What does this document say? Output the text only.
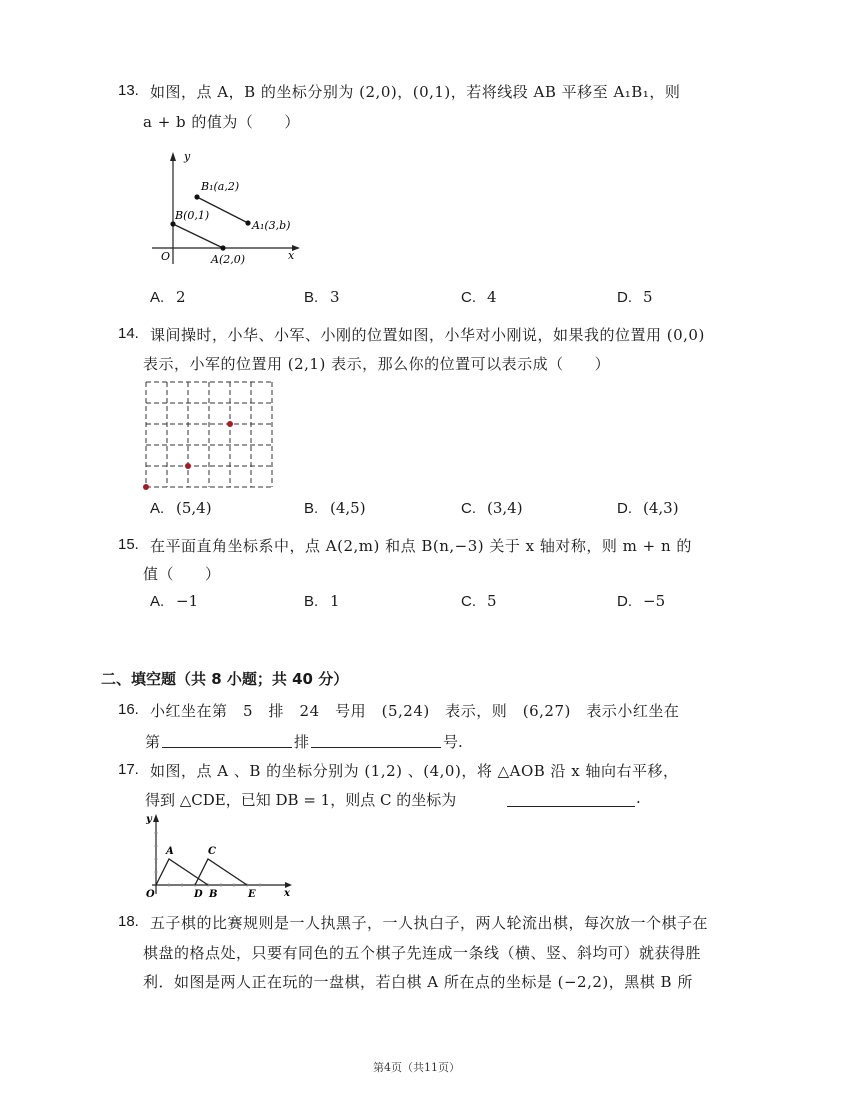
13. 如图，点 A，B 的坐标分别为 (2,0)，(0,1)，若将线段 AB 平移至 A₁B₁，则
a + b 的值为（　　）
y
x
O
B₁(a,2)
B(0,1)
A₁(3,b)
A(2,0)
A. 2	B. 3	C. 4	D. 5
14. 课间操时，小华、小军、小刚的位置如图，小华对小刚说，如果我的位置用 (0,0)
表示，小军的位置用 (2,1) 表示，那么你的位置可以表示成（　　）
A. (5,4)	B. (4,5)	C. (3,4)	D. (4,3)
15. 在平面直角坐标系中，点 A(2,m) 和点 B(n,−3) 关于 x 轴对称，则 m + n 的
值（　　）
A. −1	B. 1	C. 5	D. −5
二、填空题（共 8 小题；共 40 分）
16. 小红坐在第　5　排　24　号用　(5,24)　表示，则　(6,27)　表示小红坐在
第	排	号.
17. 如图，点 A 、B 的坐标分别为 (1,2) 、(4,0)，将 △AOB 沿 x 轴向右平移，
得到 △CDE，已知 DB = 1，则点 C 的坐标为	.
y
x
O
A	C
D B	E
18. 五子棋的比赛规则是一人执黑子，一人执白子，两人轮流出棋，每次放一个棋子在
棋盘的格点处，只要有同色的五个棋子先连成一条线（横、竖、斜均可）就获得胜
利．如图是两人正在玩的一盘棋，若白棋 A 所在点的坐标是 (−2,2)，黑棋 B 所
第4页（共11页）
